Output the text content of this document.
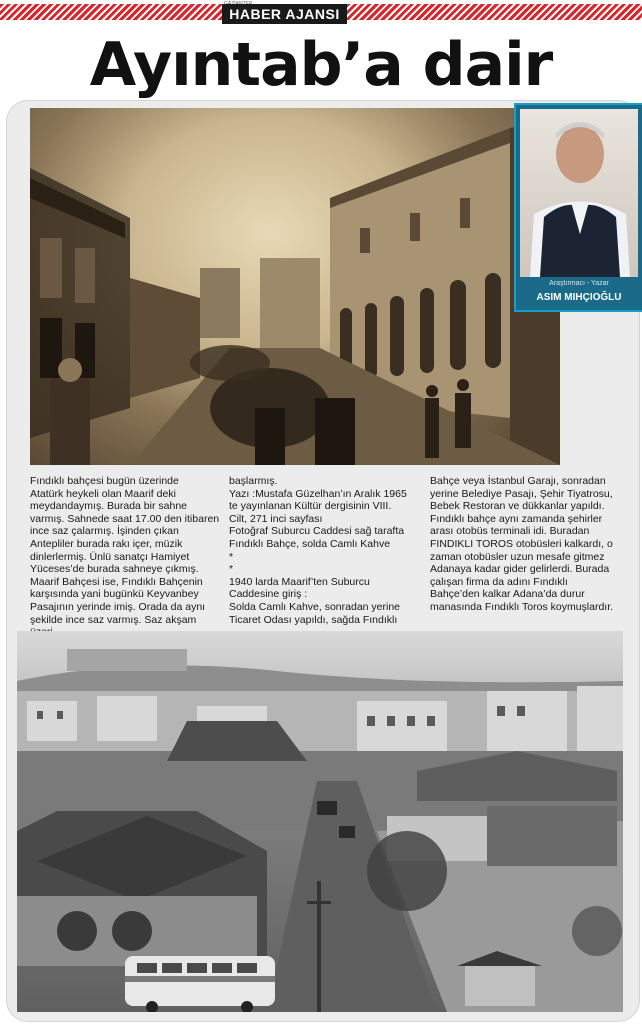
HABER AJANSI
Ayıntab’a dair
Araştırmacı - Yazar
ASIM MIHÇIOĞLU
Fındıklı bahçesi bugün üzerinde
Atatürk heykeli olan Maarif deki
meydandaymış. Burada bir sahne
varmış. Sahnede saat 17.00 den itibaren
ince saz çalarmış. İşinden çıkan
Antepliler burada rakı içer, müzik
dinlerlermiş. Ünlü sanatçı Hamiyet
Yüceses’de burada sahneye çıkmış.
Maarif Bahçesi ise, Fındıklı Bahçenin
karşısında yani bugünkü Keyvanbey
Pasajının yerinde imiş. Orada da aynı
şekilde ince saz varmış. Saz akşam
başlarmış.
Yazı :Mustafa Güzelhan’ın Aralık 1965
te yayınlanan Kültür dergisinin VIII.
Cilt, 271 inci sayfası
Fotoğraf Suburcu Caddesi sağ tarafta
Fındıklı Bahçe, solda Camlı Kahve
*
*
1940 larda Maarif’ten Suburcu
Caddesine giriş :
Solda Camlı Kahve, sonradan yerine
Ticaret Odası yapıldı, sağda Fındıklı
Bahçe veya İstanbul Garajı, sonradan
yerine Belediye Pasajı, Şehir Tiyatrosu,
Bebek Restoran ve dükkanlar yapıldı.
Fındıklı bahçe aynı zamanda şehirler
arası otobüs terminali idi. Buradan
FINDIKLI TOROS otobüsleri kalkardı, o
zaman otobüsler uzun mesafe gitmez
Adanaya kadar gider gelirlerdi. Burada
çalışan firma da adını Fındıklı
Bahçe’den kalkar Adana’da durur
manasında Fındıklı Toros koymuşlardır.
